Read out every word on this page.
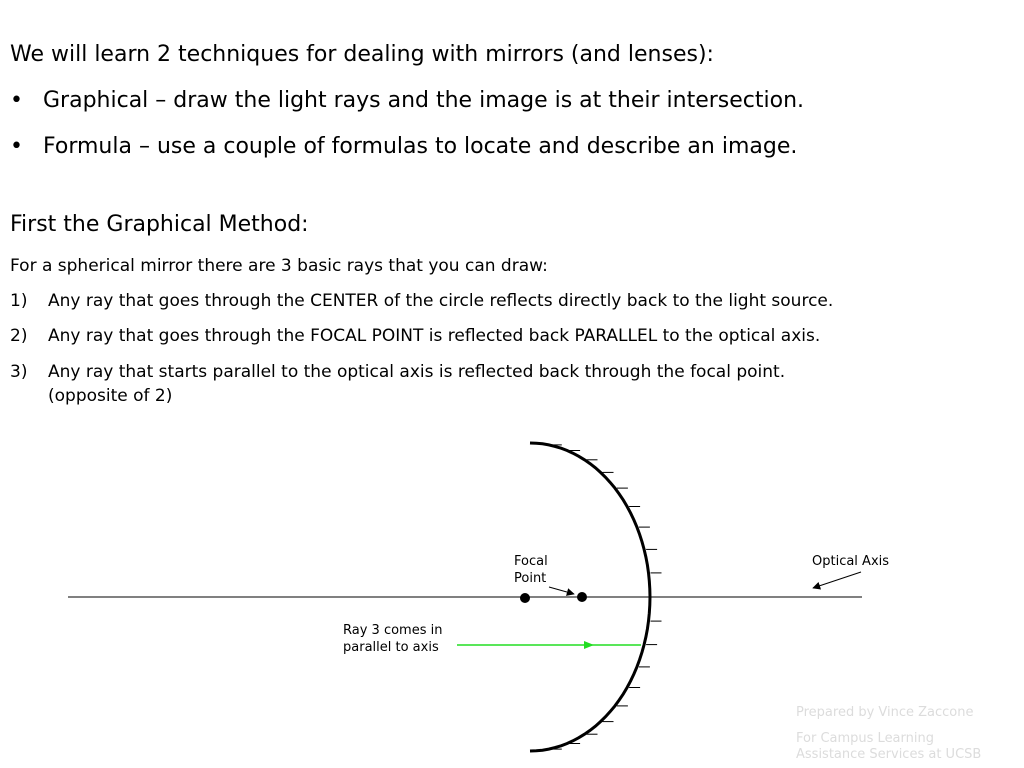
We will learn 2 techniques for dealing with mirrors (and lenses):
• Graphical – draw the light rays and the image is at their intersection.
• Formula – use a couple of formulas to locate and describe an image.
First the Graphical Method:
For a spherical mirror there are 3 basic rays that you can draw:
1) Any ray that goes through the CENTER of the circle reflects directly back to the light source.
2) Any ray that goes through the FOCAL POINT is reflected back PARALLEL to the optical axis.
3) Any ray that starts parallel to the optical axis is reflected back through the focal point.
(opposite of 2)
Focal
Point
Optical Axis
Ray 3 comes in
parallel to axis
Prepared by Vince Zaccone
For Campus Learning
Assistance Services at UCSB
